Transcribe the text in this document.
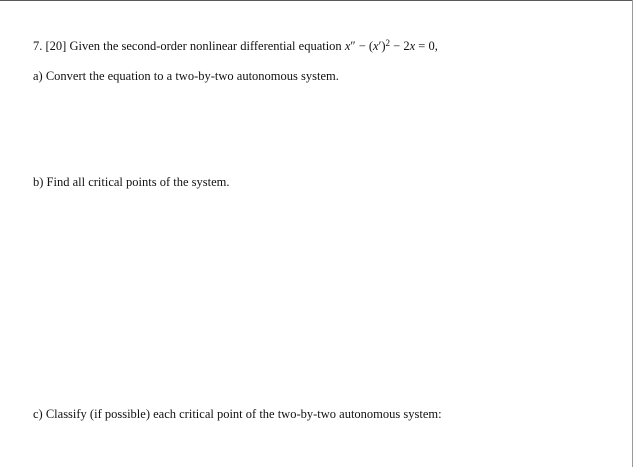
7. [20] Given the second-order nonlinear differential equation $x'' - (x')^2 - 2x = 0$,
a) Convert the equation to a two-by-two autonomous system.
b) Find all critical points of the system.
c) Classify (if possible) each critical point of the two-by-two autonomous system:
